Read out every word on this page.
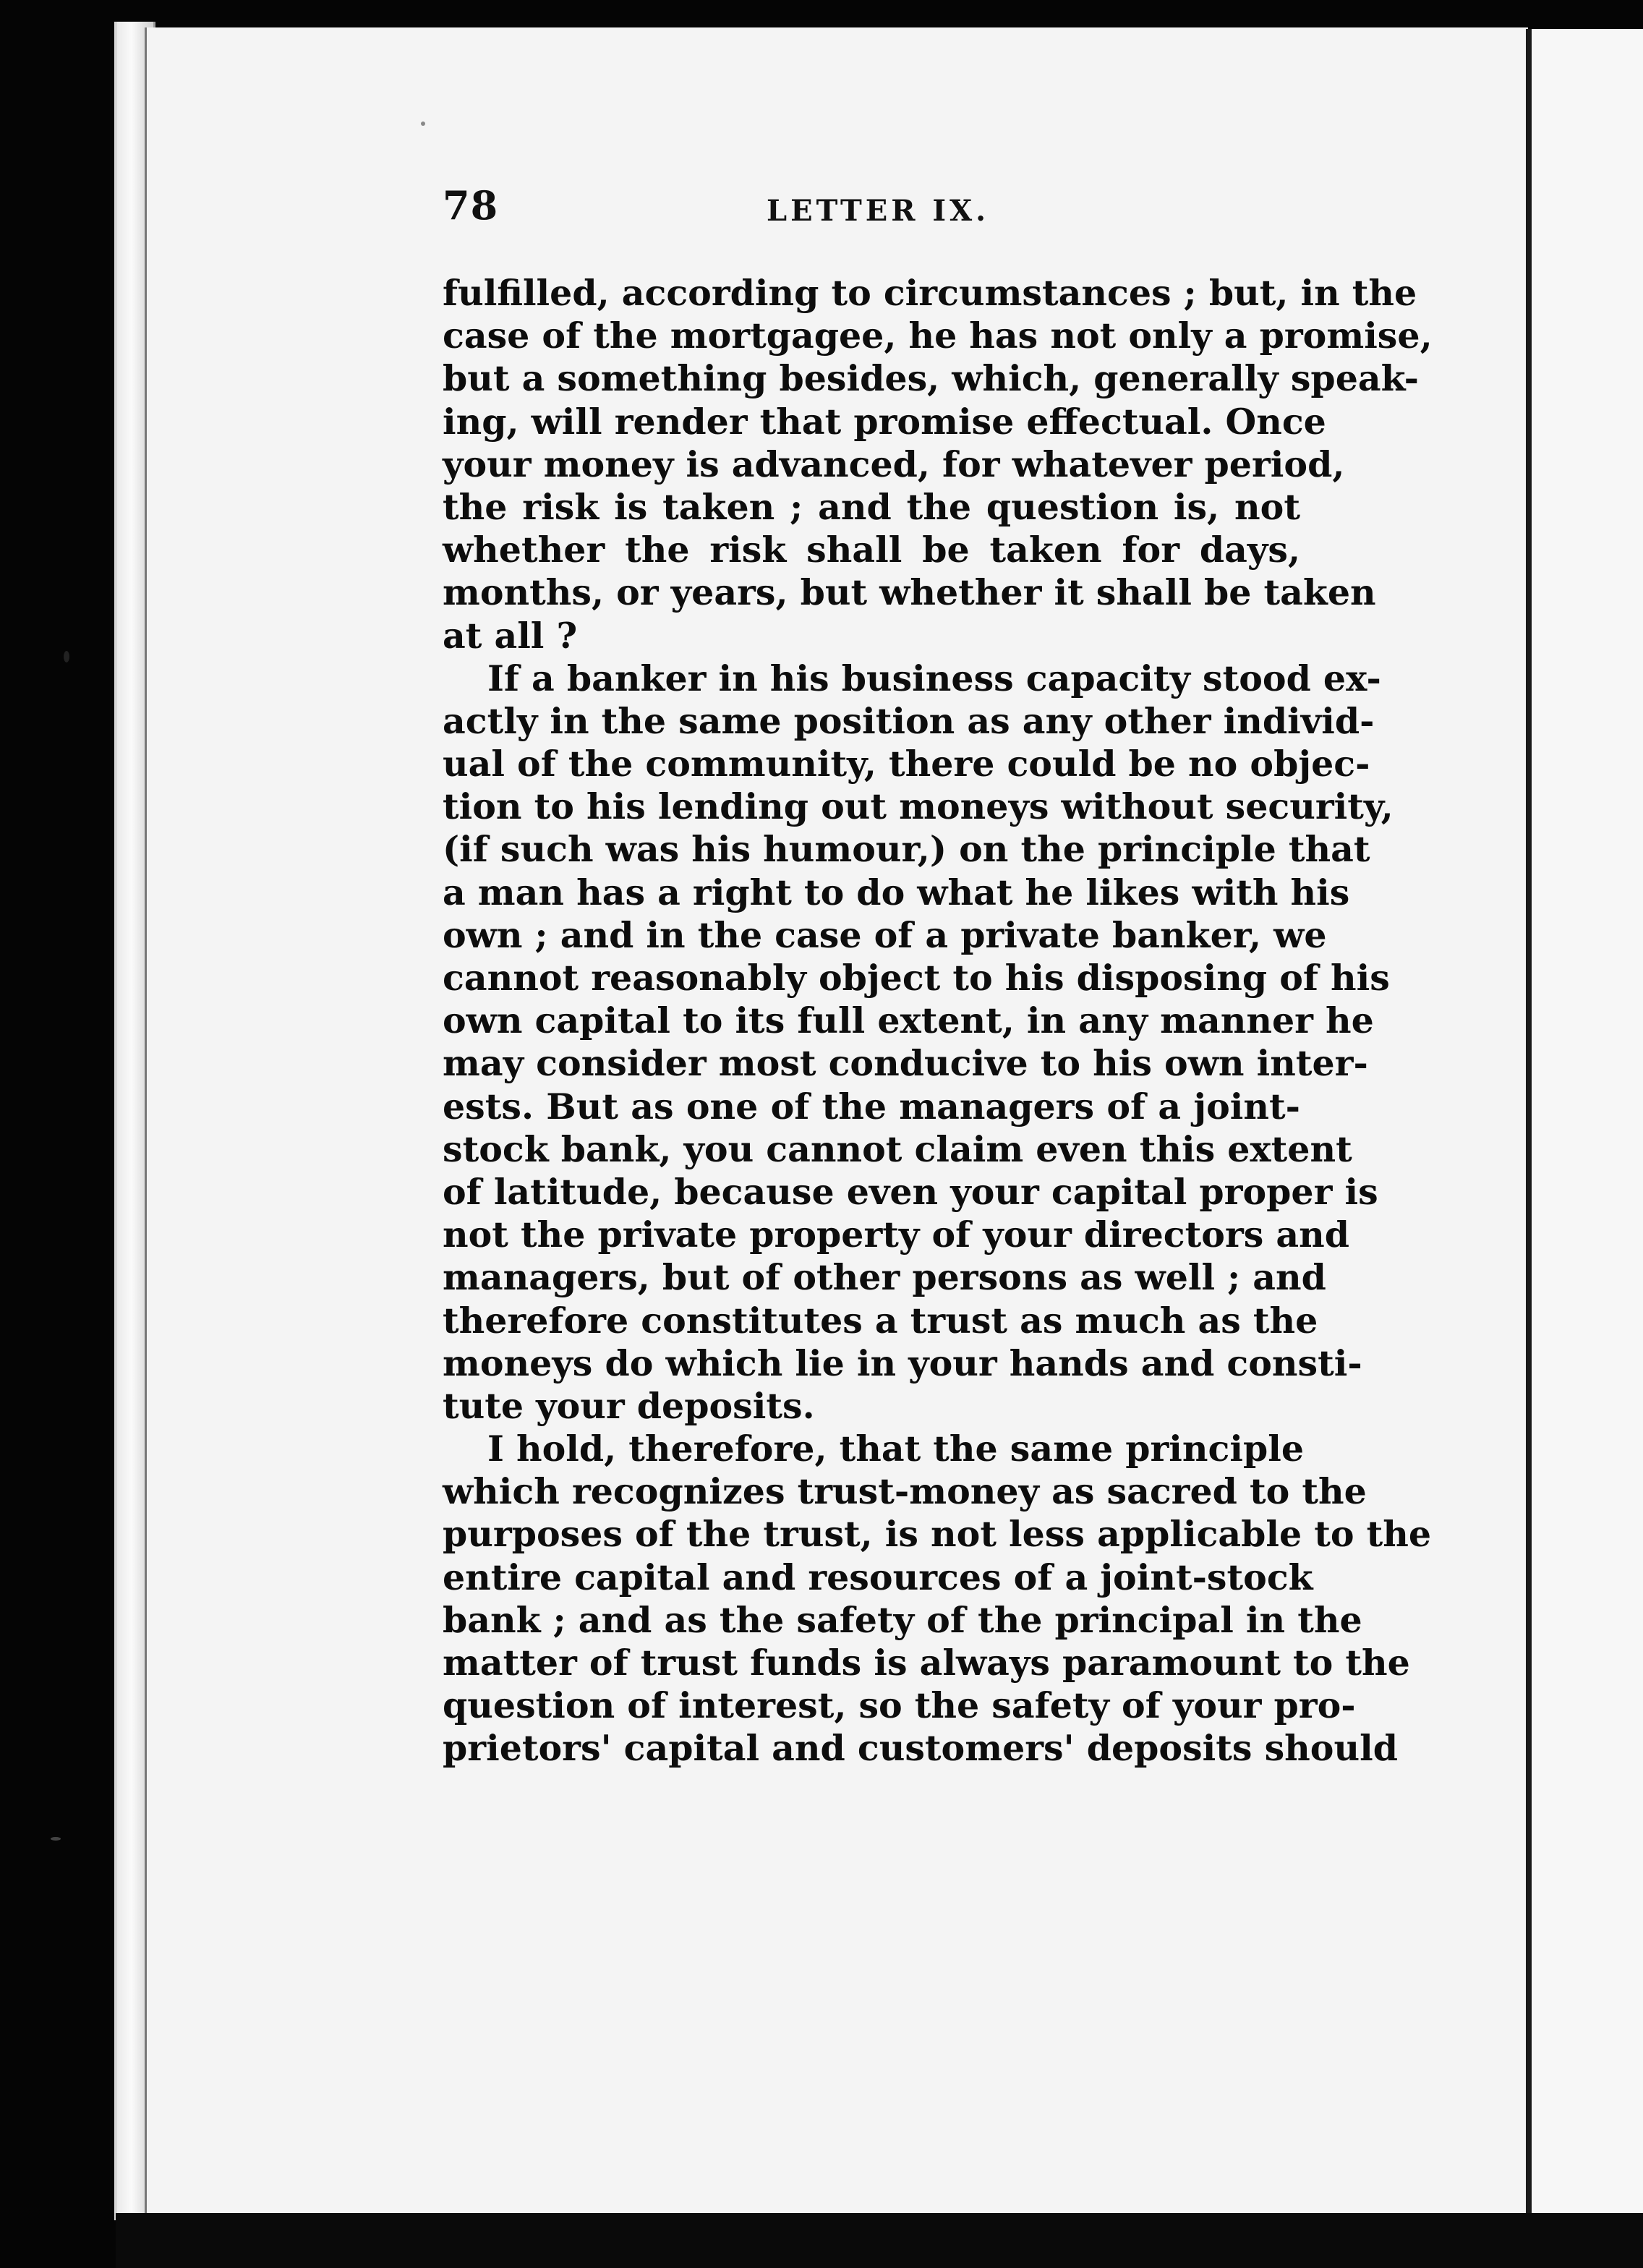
78	LETTER IX.
fulfilled, according to circumstances ; but, in the
case of the mortgagee, he has not only a promise,
but a something besides, which, generally speak-
ing, will render that promise effectual. Once
your money is advanced, for whatever period,
the risk is taken ; and the question is, not
whether the risk shall be taken for days,
months, or years, but whether it shall be taken
at all ?
If a banker in his business capacity stood ex-
actly in the same position as any other individ-
ual of the community, there could be no objec-
tion to his lending out moneys without security,
(if such was his humour,) on the principle that
a man has a right to do what he likes with his
own ; and in the case of a private banker, we
cannot reasonably object to his disposing of his
own capital to its full extent, in any manner he
may consider most conducive to his own inter-
ests. But as one of the managers of a joint-
stock bank, you cannot claim even this extent
of latitude, because even your capital proper is
not the private property of your directors and
managers, but of other persons as well ; and
therefore constitutes a trust as much as the
moneys do which lie in your hands and consti-
tute your deposits.
I hold, therefore, that the same principle
which recognizes trust-money as sacred to the
purposes of the trust, is not less applicable to the
entire capital and resources of a joint-stock
bank ; and as the safety of the principal in the
matter of trust funds is always paramount to the
question of interest, so the safety of your pro-
prietors' capital and customers' deposits should
